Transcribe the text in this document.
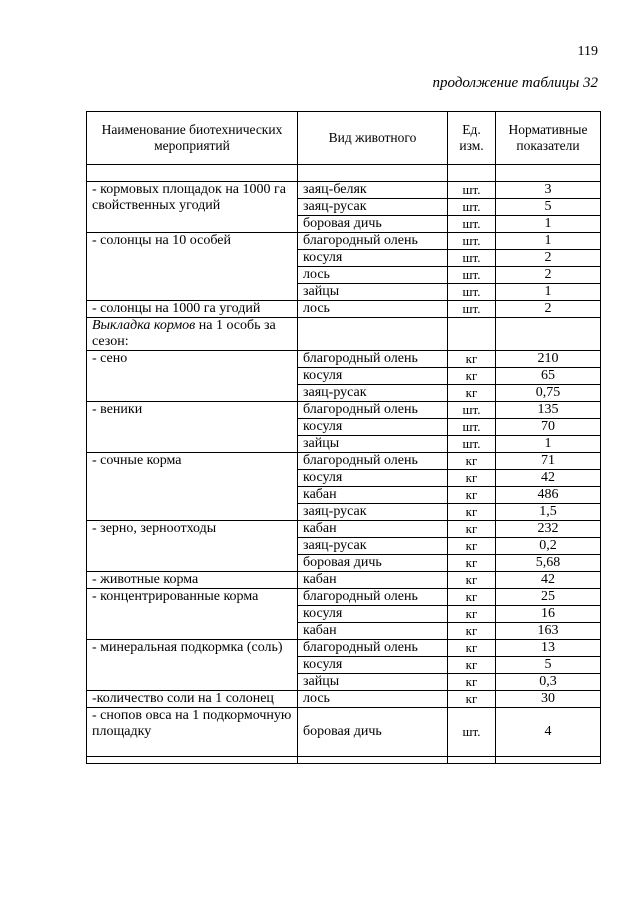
119
продолжение таблицы 32
Наименование биотехнических мероприятий	Вид животного	Ед. изм.	Нормативные показатели

- кормовых площадок на 1000 га свойственных угодий	заяц-беляк	шт.	3
	заяц-русак	шт.	5
	боровая дичь	шт.	1
- солонцы на 10 особей	благородный олень	шт.	1
	косуля	шт.	2
	лось	шт.	2
	зайцы	шт.	1
- солонцы на 1000 га угодий	лось	шт.	2
Выкладка кормов на 1 особь за сезон:			
- сено	благородный олень	кг	210
	косуля	кг	65
	заяц-русак	кг	0,75
- веники	благородный олень	шт.	135
	косуля	шт.	70
	зайцы	шт.	1
- сочные корма	благородный олень	кг	71
	косуля	кг	42
	кабан	кг	486
	заяц-русак	кг	1,5
- зерно, зерноотходы	кабан	кг	232
	заяц-русак	кг	0,2
	боровая дичь	кг	5,68
- животные корма	кабан	кг	42
- концентрированные корма	благородный олень	кг	25
	косуля	кг	16
	кабан	кг	163
- минеральная подкормка (соль)	благородный олень	кг	13
	косуля	кг	5
	зайцы	кг	0,3
-количество соли на 1 солонец	лось	кг	30
- снопов овса на 1 подкормочную площадку	боровая дичь	шт.	4
